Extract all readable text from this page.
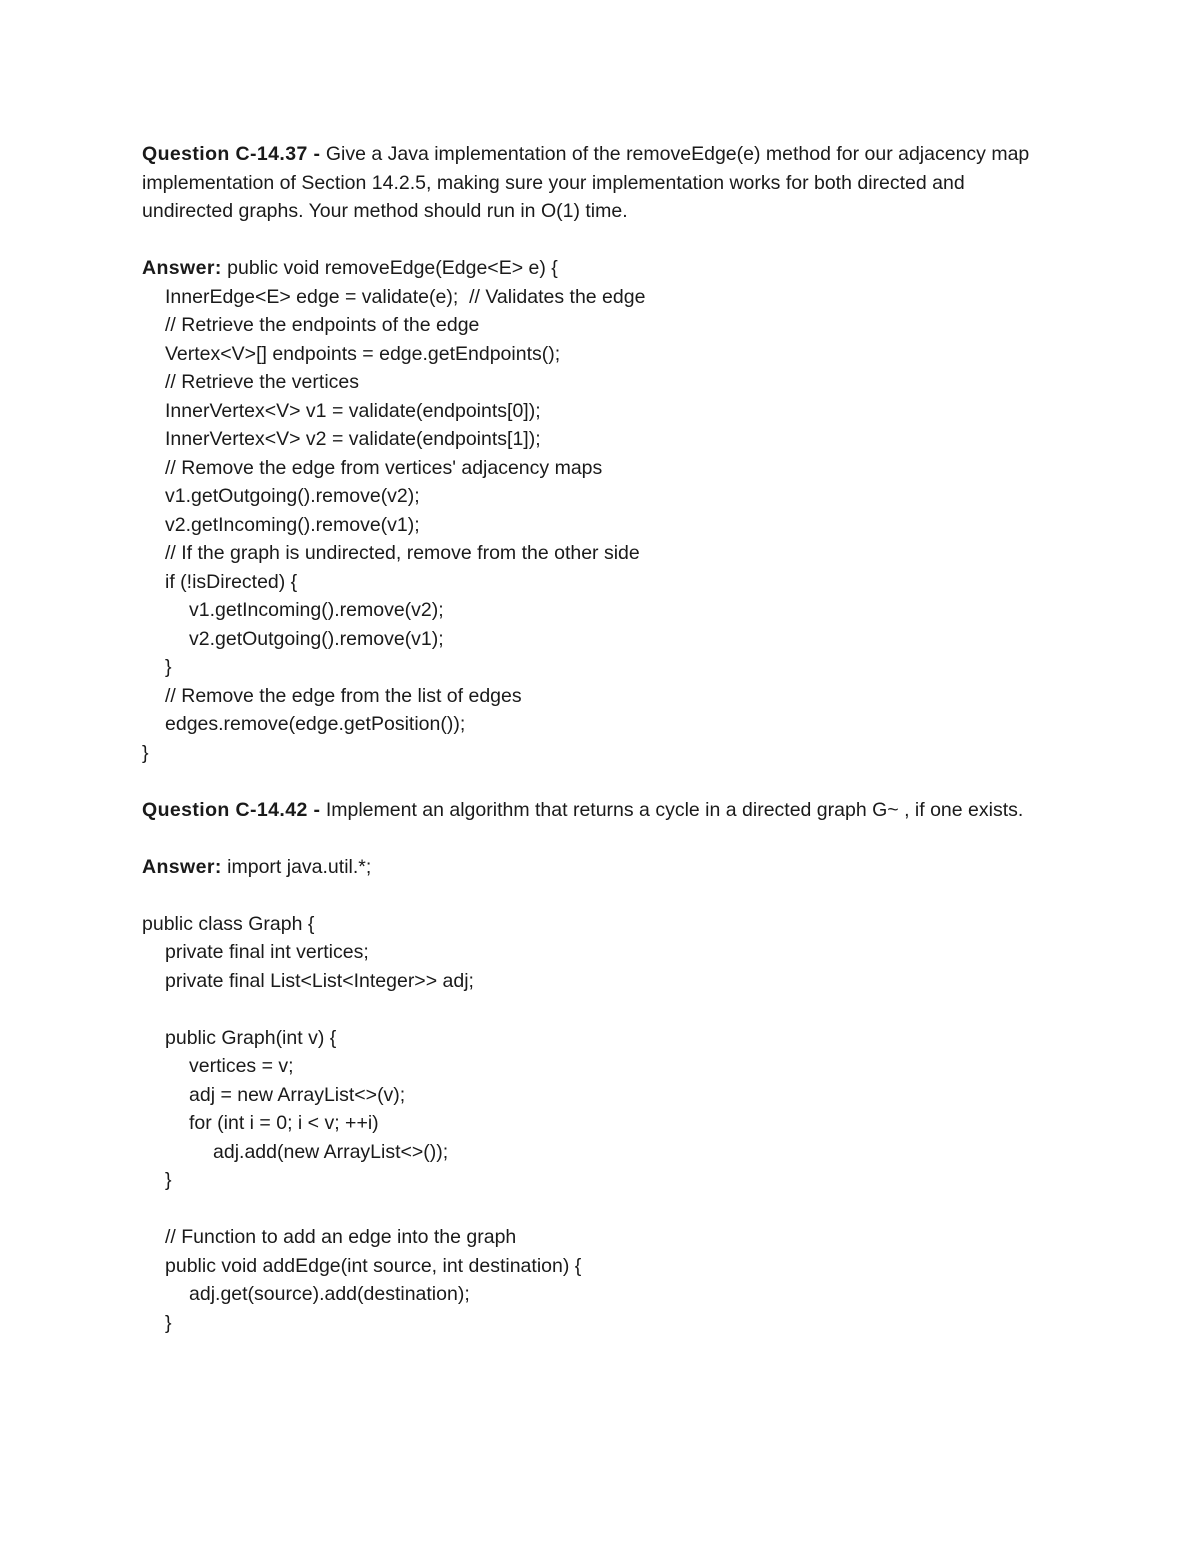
Question C-14.37 - Give a Java implementation of the removeEdge(e) method for our adjacency map implementation of Section 14.2.5, making sure your implementation works for both directed and undirected graphs. Your method should run in O(1) time.

Answer: public void removeEdge(Edge<E> e) {

InnerEdge<E> edge = validate(e);  // Validates the edge

// Retrieve the endpoints of the edge

Vertex<V>[] endpoints = edge.getEndpoints();

// Retrieve the vertices

InnerVertex<V> v1 = validate(endpoints[0]);

InnerVertex<V> v2 = validate(endpoints[1]);

// Remove the edge from vertices' adjacency maps

v1.getOutgoing().remove(v2);

v2.getIncoming().remove(v1);

// If the graph is undirected, remove from the other side

if (!isDirected) {

v1.getIncoming().remove(v2);

v2.getOutgoing().remove(v1);

}

// Remove the edge from the list of edges

edges.remove(edge.getPosition());

}

Question C-14.42 - Implement an algorithm that returns a cycle in a directed graph G~ , if one exists.

Answer: import java.util.*;

public class Graph {

private final int vertices;

private final List<List<Integer>> adj;

public Graph(int v) {

vertices = v;

adj = new ArrayList<>(v);

for (int i = 0; i < v; ++i)

adj.add(new ArrayList<>());

}

// Function to add an edge into the graph

public void addEdge(int source, int destination) {

adj.get(source).add(destination);

}
